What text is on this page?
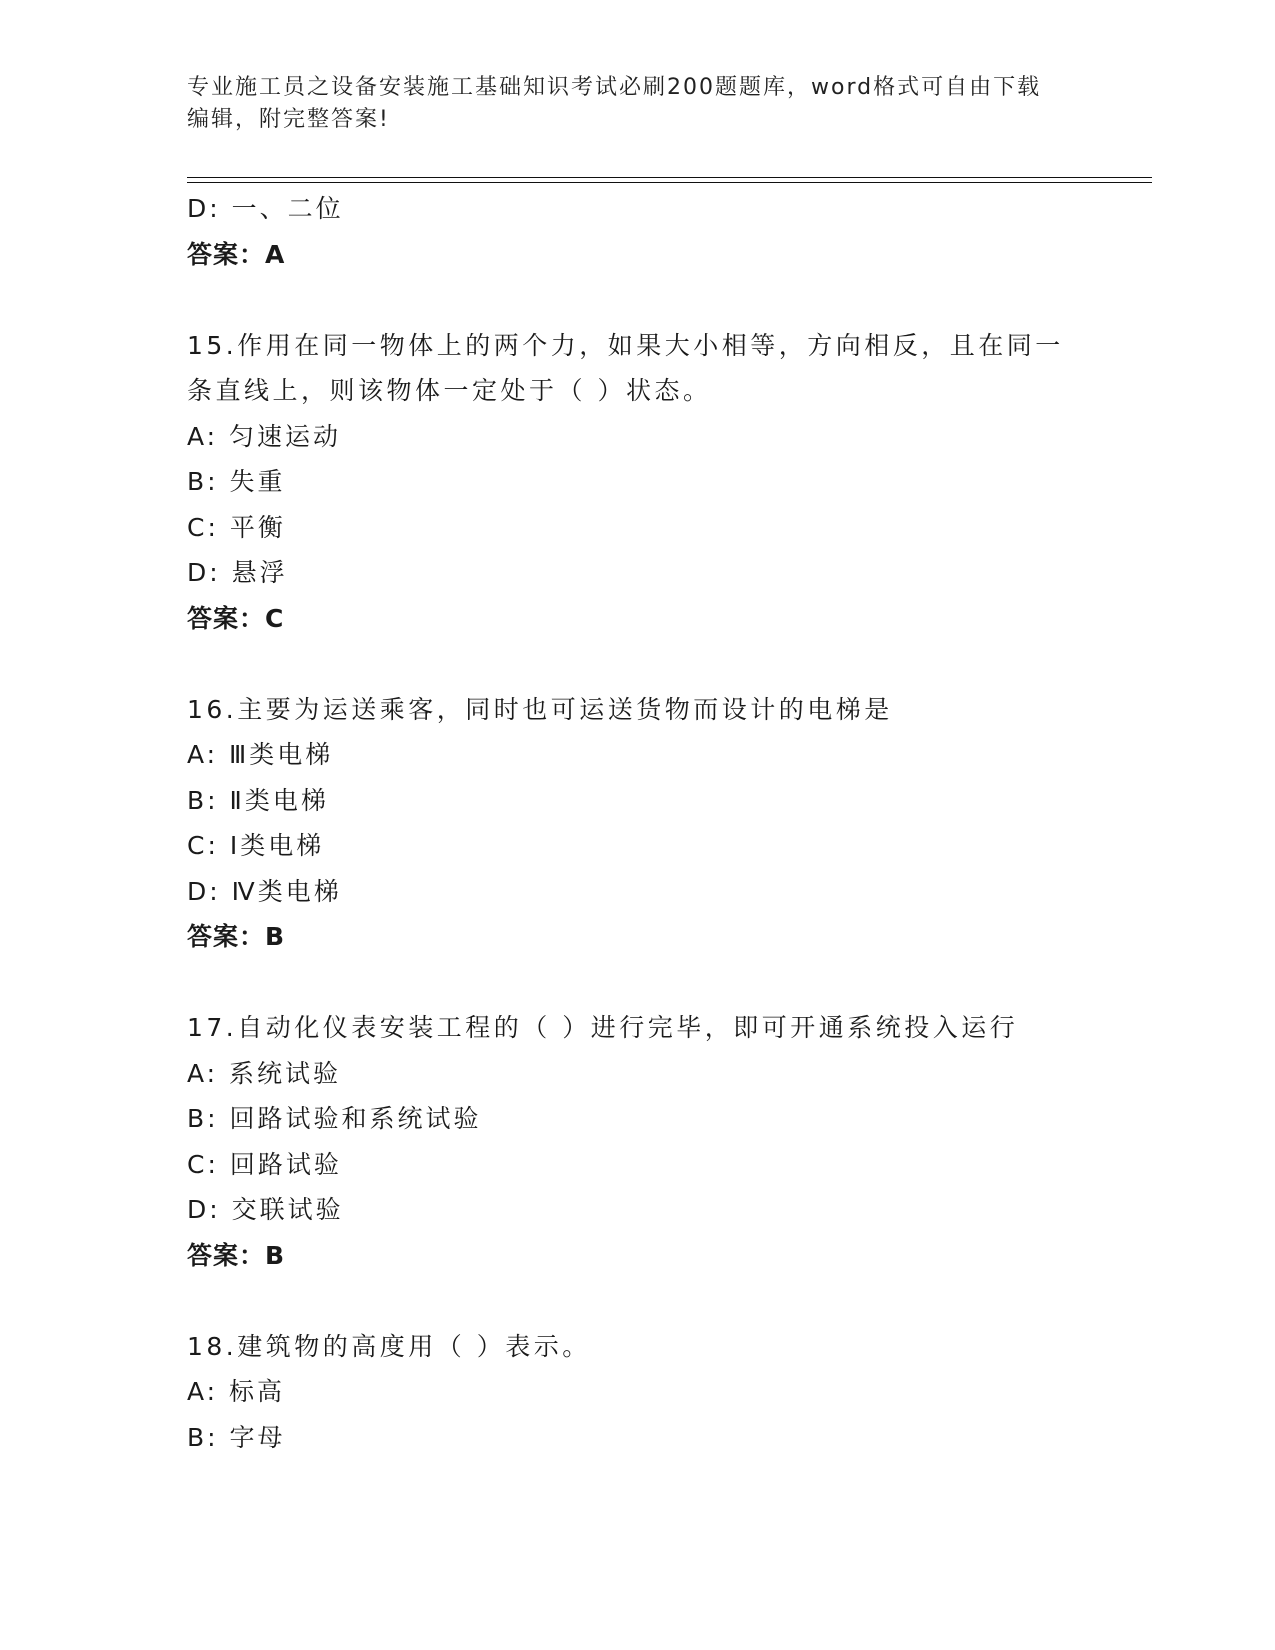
专业施工员之设备安装施工基础知识考试必刷200题题库，word格式可自由下载
编辑，附完整答案!
D: 一、二位
答案：A
15.作用在同一物体上的两个力，如果大小相等，方向相反，且在同一
条直线上，则该物体一定处于（ ）状态。
A: 匀速运动
B: 失重
C: 平衡
D: 悬浮
答案：C
16.主要为运送乘客，同时也可运送货物而设计的电梯是
A: Ⅲ类电梯
B: Ⅱ类电梯
C: Ⅰ类电梯
D: Ⅳ类电梯
答案：B
17.自动化仪表安装工程的（ ）进行完毕，即可开通系统投入运行
A: 系统试验
B: 回路试验和系统试验
C: 回路试验
D: 交联试验
答案：B
18.建筑物的高度用（ ）表示。
A: 标高
B: 字母
